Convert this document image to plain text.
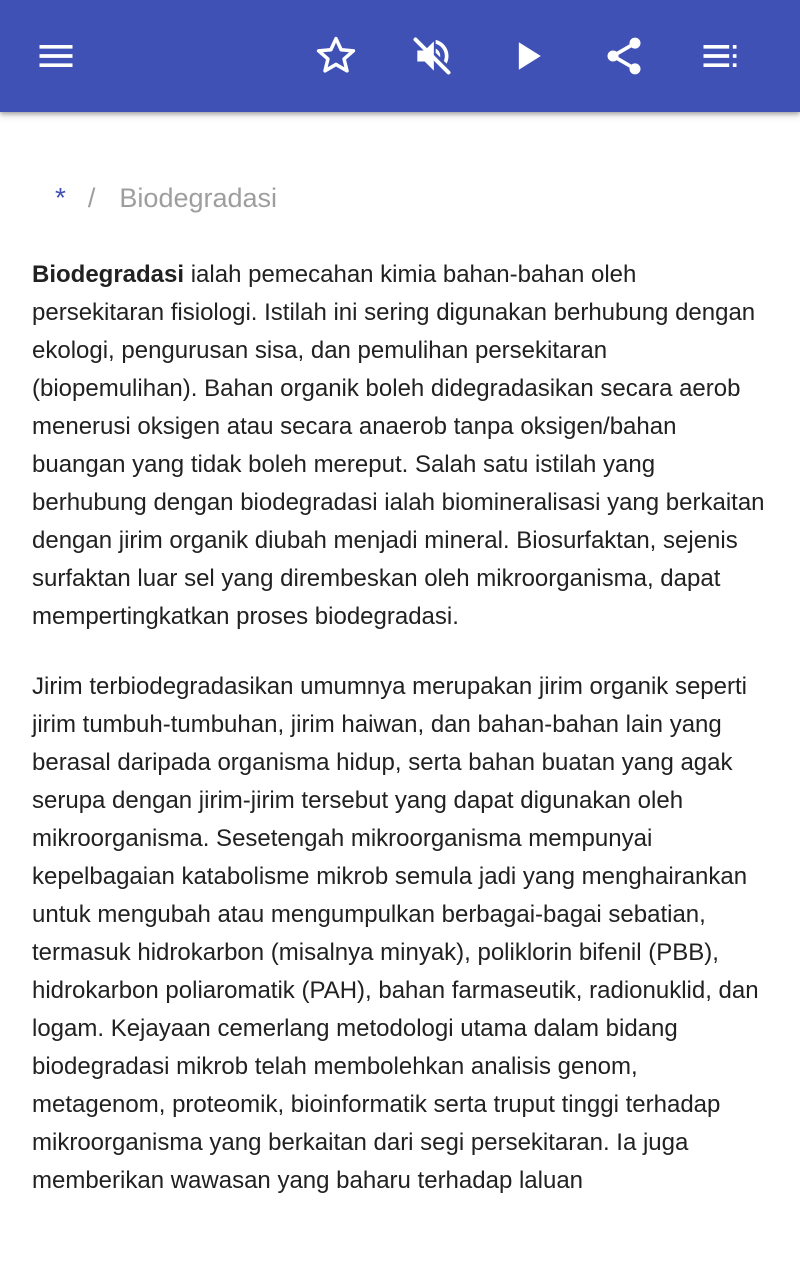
* / Biodegradasi

Biodegradasi ialah pemecahan kimia bahan-bahan oleh persekitaran fisiologi. Istilah ini sering digunakan berhubung dengan ekologi, pengurusan sisa, dan pemulihan persekitaran (biopemulihan). Bahan organik boleh didegradasikan secara aerob menerusi oksigen atau secara anaerob tanpa oksigen/bahan buangan yang tidak boleh mereput. Salah satu istilah yang berhubung dengan biodegradasi ialah biomineralisasi yang berkaitan dengan jirim organik diubah menjadi mineral. Biosurfaktan, sejenis surfaktan luar sel yang dirembeskan oleh mikroorganisma, dapat mempertingkatkan proses biodegradasi.

Jirim terbiodegradasikan umumnya merupakan jirim organik seperti jirim tumbuh-tumbuhan, jirim haiwan, dan bahan-bahan lain yang berasal daripada organisma hidup, serta bahan buatan yang agak serupa dengan jirim-jirim tersebut yang dapat digunakan oleh mikroorganisma. Sesetengah mikroorganisma mempunyai kepelbagaian katabolisme mikrob semula jadi yang menghairankan untuk mengubah atau mengumpulkan berbagai-bagai sebatian, termasuk hidrokarbon (misalnya minyak), poliklorin bifenil (PBB), hidrokarbon poliaromatik (PAH), bahan farmaseutik, radionuklid, dan logam. Kejayaan cemerlang metodologi utama dalam bidang biodegradasi mikrob telah membolehkan analisis genom, metagenom, proteomik, bioinformatik serta truput tinggi terhadap mikroorganisma yang berkaitan dari segi persekitaran. Ia juga memberikan wawasan yang baharu terhadap laluan
